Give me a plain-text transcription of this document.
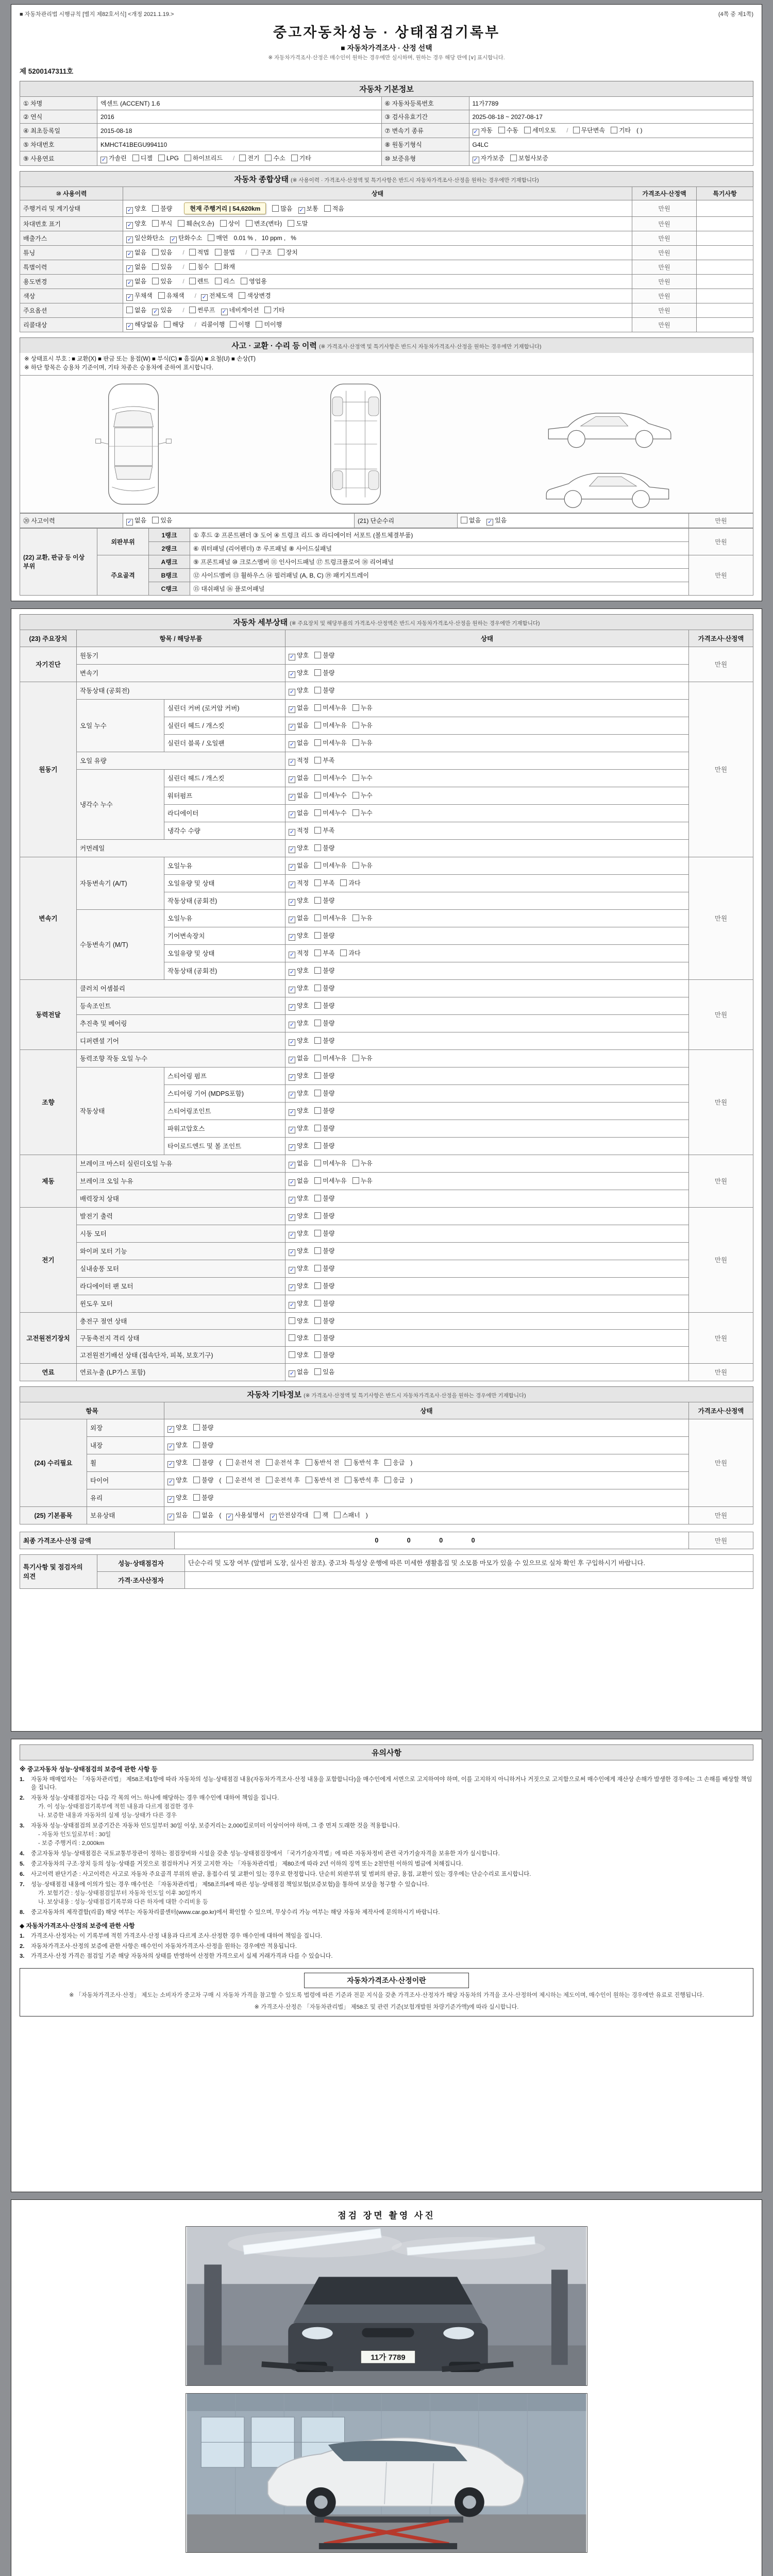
■ 자동차관리법 시행규칙 [별지 제82호서식] <개정 2021.1.19.>	(4쪽 중 제1쪽)
중고자동차성능 · 상태점검기록부
■ 자동차가격조사 · 산정 선택
※ 자동차가격조사·산정은 매수인이 원하는 경우에만 실시하며, 원하는 경우 해당 란에 [∨] 표시합니다.
제 5200147311호
자동차 기본정보
① 차명	엑센트 (ACCENT) 1.6	⑥ 자동차등록번호	11가7789
② 연식	2016	③ 검사유효기간	2025-08-18 ~ 2027-08-17
④ 최초등록일	2015-08-18	⑦ 변속기 종류	✓ 자동 수동 세미오토 / 무단변속 기타 ( )
⑤ 차대번호	KMHCT41BEGU994110	⑧ 원동기형식	G4LC
⑨ 사용연료	✓ 가솔린 디젤 LPG 하이브리드 / 전기 수소 기타	⑩ 보증유형	✓ 자가보증 보험사보증
자동차 종합상태 (※ 사용이력 · 가격조사·산정액 및 특기사항은 반드시 자동차가격조사·산정을 원하는 경우에만 기재합니다)
⑩ 사용이력	상태	가격조사·산정액	특기사항
주행거리 및 계기상태	✓ 양호 불량 현재 주행거리 | 54,620km 많음 ✓ 보통 적음	만원	
차대번호 표기	✓ 양호 부식 훼손(오손) 상이 변조(변타) 도말	만원	
배출가스	✓ 일산화탄소 ✓ 탄화수소 매연 0.01 % , 10 ppm , %	만원	
튜닝	✓ 없음 있음 / 적법 불법 / 구조 장치	만원	
특별이력	✓ 없음 있음 / 침수 화재	만원	
용도변경	✓ 없음 있음 / 렌트 리스 영업용	만원	
색상	✓ 무채색 유채색 / ✓ 전체도색 색상변경	만원	
주요옵션	없음 ✓ 있음 / 썬루프 ✓ 네비게이션 기타	만원	
리콜대상	✓ 해당없음 해당 / 리콜이행 이행 미이행	만원	
사고 · 교환 · 수리 등 이력 (※ 가격조사·산정액 및 특기사항은 반드시 자동차가격조사·산정을 원하는 경우에만 기재합니다)
※ 상태표시 부호 : ■ 교환(X) ■ 판금 또는 용접(W) ■ 부식(C) ■ 흠집(A) ■ 요철(U) ■ 손상(T)
※ 하단 항목은 승용차 기준이며, 기타 차종은 승용차에 준하여 표시합니다.
⑳ 사고이력	✓ 없음 있음	(21) 단순수리	없음 ✓ 있음	만원
(22) 교환, 판금 등 이상 부위	외판부위	1랭크	① 후드 ② 프론트펜더 ③ 도어 ④ 트렁크 리드 ⑤ 라디에이터 서포트 (볼트체결부품)	만원
		2랭크	⑥ 쿼터패널 (리어펜더) ⑦ 루프패널 ⑧ 사이드실패널	
	주요골격	A랭크	⑨ 프론트패널 ⑩ 크로스멤버 ⑪ 인사이드패널 ⑰ 트렁크플로어 ⑱ 리어패널	만원
		B랭크	⑫ 사이드멤버 ⑬ 휠하우스 ⑭ 필러패널 (A, B, C) ⑲ 패키지트레이	
		C랭크	⑮ 대쉬패널 ⑯ 플로어패널	
자동차 세부상태 (※ 주요장치 및 해당부품의 가격조사·산정액은 반드시 자동차가격조사·산정을 원하는 경우에만 기재합니다)
(23) 주요장치	항목 / 해당부품		상태	가격조사·산정액
자기진단	원동기		✓ 양호 불량	만원
	변속기		✓ 양호 불량	
원동기	작동상태 (공회전)		✓ 양호 불량	만원
	오일 누수	실린더 커버 (로커암 커버)	✓ 없음 미세누유 누유	
		실린더 헤드 / 개스킷	✓ 없음 미세누유 누유	
		실린더 블록 / 오일팬	✓ 없음 미세누유 누유	
	오일 유량		✓ 적정 부족	
	냉각수 누수	실린더 헤드 / 개스킷	✓ 없음 미세누수 누수	
		워터펌프	✓ 없음 미세누수 누수	
		라디에이터	✓ 없음 미세누수 누수	
		냉각수 수량	✓ 적정 부족	
	커먼레일		✓ 양호 불량	
변속기	자동변속기 (A/T)	오일누유	✓ 없음 미세누유 누유	만원
		오일유량 및 상태	✓ 적정 부족 과다	
		작동상태 (공회전)	✓ 양호 불량	
	수동변속기 (M/T)	오일누유	✓ 없음 미세누유 누유	
		기어변속장치	✓ 양호 불량	
		오일유량 및 상태	✓ 적정 부족 과다	
		작동상태 (공회전)	✓ 양호 불량	
동력전달	클러치 어셈블리		✓ 양호 불량	만원
	등속조인트		✓ 양호 불량	
	추진축 및 베어링		✓ 양호 불량	
	디퍼렌셜 기어		✓ 양호 불량	
조향	동력조향 작동 오일 누수		✓ 없음 미세누유 누유	만원
	작동상태	스티어링 펌프	✓ 양호 불량	
		스티어링 기어 (MDPS포함)	✓ 양호 불량	
		스티어링조인트	✓ 양호 불량	
		파워고압호스	✓ 양호 불량	
		타이로드엔드 및 볼 조인트	✓ 양호 불량	
제동	브레이크 마스터 실린더오일 누유		✓ 없음 미세누유 누유	만원
	브레이크 오일 누유		✓ 없음 미세누유 누유	
	배력장치 상태		✓ 양호 불량	
전기	발전기 출력		✓ 양호 불량	만원
	시동 모터		✓ 양호 불량	
	와이퍼 모터 기능		✓ 양호 불량	
	실내송풍 모터		✓ 양호 불량	
	라디에이터 팬 모터		✓ 양호 불량	
	윈도우 모터		✓ 양호 불량	
고전원전기장치	충전구 절연 상태		양호 불량	만원
	구동축전지 격리 상태		양호 불량	
	고전원전기배선 상태 (접속단자, 피복, 보호기구)		양호 불량	
연료	연료누출 (LP가스 포함)		✓ 없음 있음	만원
자동차 기타정보 (※ 가격조사·산정액 및 특기사항은 반드시 자동차가격조사·산정을 원하는 경우에만 기재합니다)
항목		상태	가격조사·산정액
(24) 수리필요	외장	✓ 양호 불량	만원
	내장	✓ 양호 불량	
	휠	✓ 양호 불량 ( 운전석 전 운전석 후 동반석 전 동반석 후 응급 )	
	타이어	✓ 양호 불량 ( 운전석 전 운전석 후 동반석 전 동반석 후 응급 )	
	유리	✓ 양호 불량	
(25) 기본품목	보유상태	✓ 있음 없음 ( ✓ 사용설명서 ✓ 안전삼각대 잭 스패너 )	만원
최종 가격조사·산정 금액	0 0 0 0	만원
특기사항 및 점검자의 의견	성능·상태점검자	단순수리 및 도장 여부 (앞범퍼 도장, 실사진 참조). 중고차 특성상 운행에 따른 미세한 생활흠집 및 소모품 마모가 있을 수 있으므로 실차 확인 후 구입하시기 바랍니다.
	가격·조사산정자	
유의사항
※ 중고자동차 성능·상태점검의 보증에 관한 사항 등
1.	자동차 매매업자는 「자동차관리법」 제58조제1항에 따라 자동차의 성능·상태점검 내용(자동차가격조사·산정 내용을 포함합니다)을 매수인에게 서면으로 고지하여야 하며, 이를 고지하지 아니하거나 거짓으로 고지함으로써 매수인에게 재산상 손해가 발생한 경우에는 그 손해를 배상할 책임을 집니다.
2.	자동차 성능·상태점검자는 다음 각 목의 어느 하나에 해당하는 경우 매수인에 대하여 책임을 집니다.
가. 이 성능·상태점검기록부에 적힌 내용과 다르게 점검한 경우
나. 보증한 내용과 자동차의 실제 성능·상태가 다른 경우
3.	자동차 성능·상태점검의 보증기간은 자동차 인도일부터 30일 이상, 보증거리는 2,000킬로미터 이상이어야 하며, 그 중 먼저 도래한 것을 적용합니다.
- 자동차 인도일로부터 : 30일
- 보증 주행거리 : 2,000km
4.	중고자동차 성능·상태점검은 국토교통부장관이 정하는 점검장비와 시설을 갖춘 성능·상태점검장에서 「국가기술자격법」에 따른 자동차정비 관련 국가기술자격을 보유한 자가 실시합니다.
5.	중고자동차의 구조·장치 등의 성능·상태를 거짓으로 점검하거나 거짓 고지한 자는 「자동차관리법」 제80조에 따라 2년 이하의 징역 또는 2천만원 이하의 벌금에 처해집니다.
6.	사고이력 판단기준 : 사고이력은 사고로 자동차 주요골격 부위의 판금, 용접수리 및 교환이 있는 경우로 한정합니다. 단순히 외판부위 및 범퍼의 판금, 용접, 교환이 있는 경우에는 단순수리로 표시합니다.
7.	성능·상태점검 내용에 이의가 있는 경우 매수인은 「자동차관리법」 제58조의4에 따른 성능·상태점검 책임보험(보증보험)을 통하여 보상을 청구할 수 있습니다.
가. 보험기간 : 성능·상태점검일부터 자동차 인도일 이후 30일까지
나. 보상내용 : 성능·상태점검기록부와 다른 하자에 대한 수리비용 등
8.	중고자동차의 제작결함(리콜) 해당 여부는 자동차리콜센터(www.car.go.kr)에서 확인할 수 있으며, 무상수리 가능 여부는 해당 자동차 제작사에 문의하시기 바랍니다.
◆ 자동차가격조사·산정의 보증에 관한 사항
1.	가격조사·산정자는 이 기록부에 적힌 가격조사·산정 내용과 다르게 조사·산정한 경우 매수인에 대하여 책임을 집니다.
2.	자동차가격조사·산정의 보증에 관한 사항은 매수인이 자동차가격조사·산정을 원하는 경우에만 적용됩니다.
3.	가격조사·산정 가격은 점검일 기준 해당 자동차의 상태를 반영하여 산정한 가격으로서 실제 거래가격과 다를 수 있습니다.
자동차가격조사·산정이란
※ 「자동차가격조사·산정」 제도는 소비자가 중고차 구매 시 자동차 가격을 참고할 수 있도록 법령에 따른 기준과 전문 지식을 갖춘 가격조사·산정자가 해당 자동차의 가격을 조사·산정하여 제시하는 제도이며, 매수인이 원하는 경우에만 유료로 진행됩니다.
※ 가격조사·산정은 「자동차관리법」 제58조 및 관련 기준(보험개발원 차량기준가액)에 따라 실시합니다.
점검 장면 촬영 사진
11가 7789
